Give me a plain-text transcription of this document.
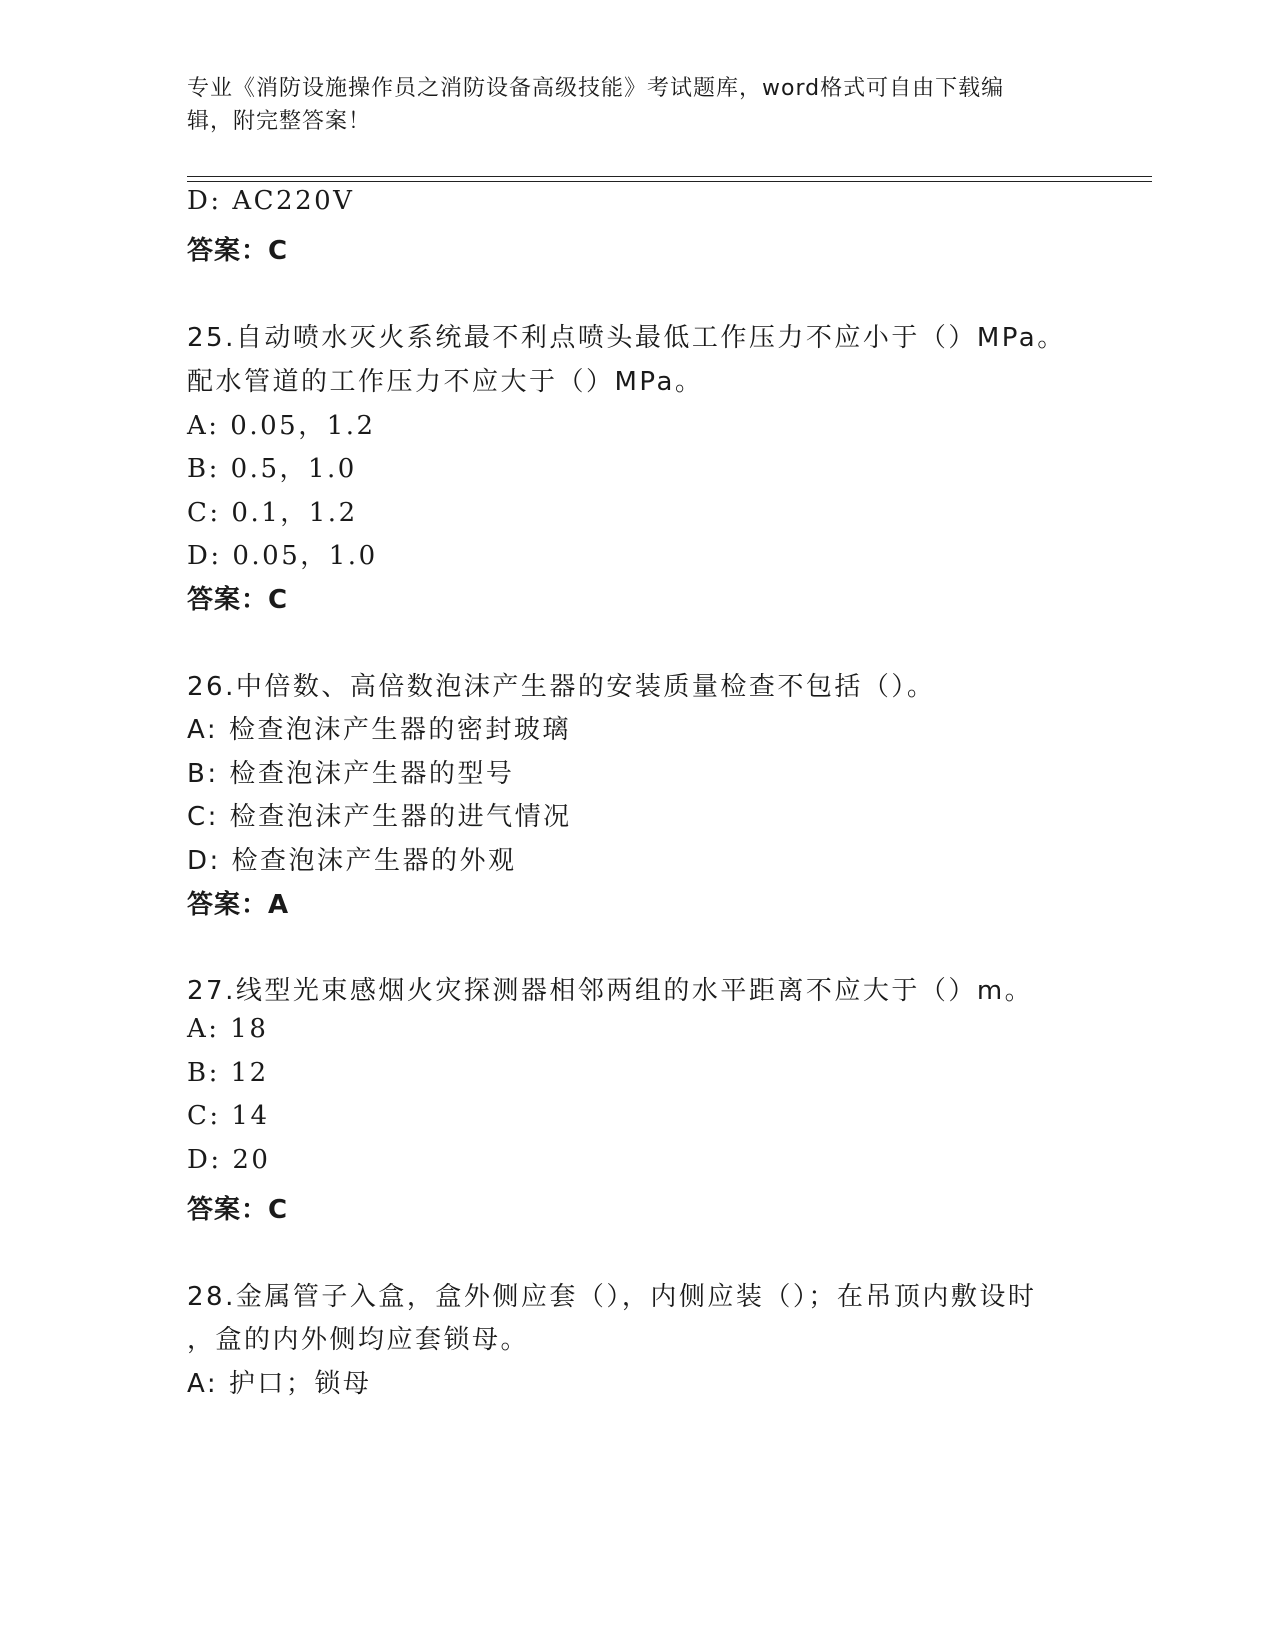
专业《消防设施操作员之消防设备高级技能》考试题库，word格式可自由下载编
辑，附完整答案！
D: AC220V
答案：C
25.自动喷水灭火系统最不利点喷头最低工作压力不应小于（）MPa。
配水管道的工作压力不应大于（）MPa。
A: 0.05，1.2
B: 0.5，1.0
C: 0.1，1.2
D: 0.05，1.0
答案：C
26.中倍数、高倍数泡沫产生器的安装质量检查不包括（）。
A: 检查泡沫产生器的密封玻璃
B: 检查泡沫产生器的型号
C: 检查泡沫产生器的进气情况
D: 检查泡沫产生器的外观
答案：A
27.线型光束感烟火灾探测器相邻两组的水平距离不应大于（）m。
A: 18
B: 12
C: 14
D: 20
答案：C
28.金属管子入盒，盒外侧应套（），内侧应装（）；在吊顶内敷设时
，盒的内外侧均应套锁母。
A: 护口；锁母
